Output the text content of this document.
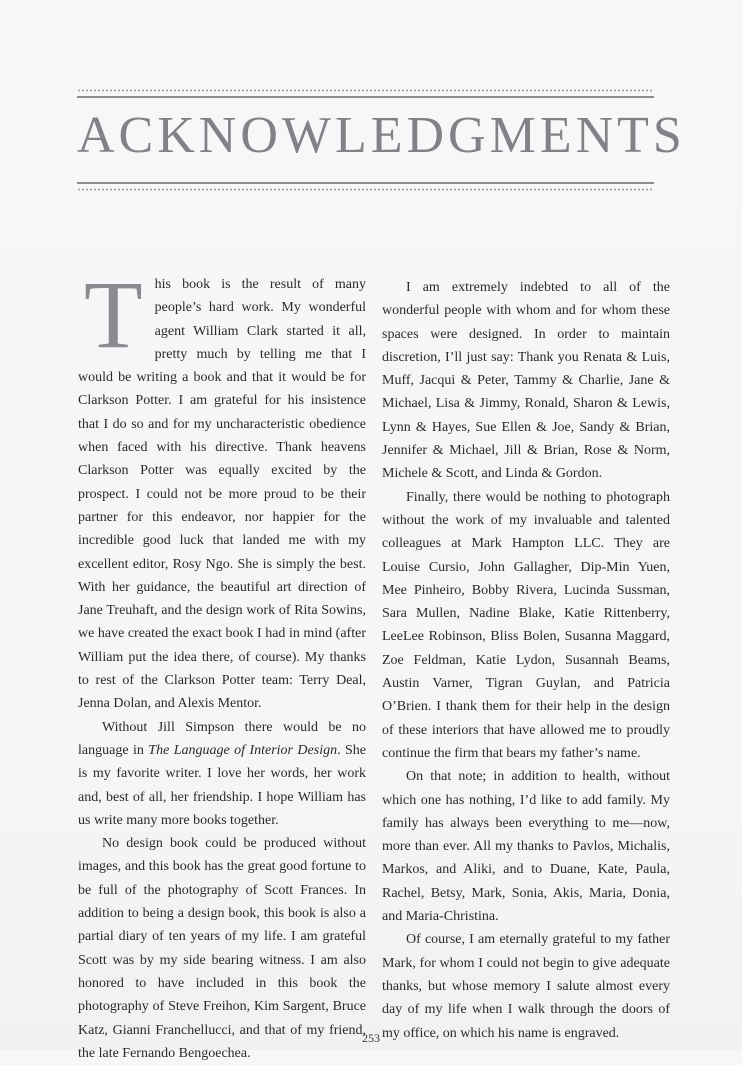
ACKNOWLEDGMENTS

This book is the result of many people’s hard work. My wonderful agent William Clark started it all, pretty much by telling me that I would be writing a book and that it would be for Clarkson Potter. I am grateful for his insistence that I do so and for my uncharacteristic obedience when faced with his directive. Thank heavens Clarkson Potter was equally excited by the prospect. I could not be more proud to be their partner for this endeavor, nor happier for the incredible good luck that landed me with my excellent editor, Rosy Ngo. She is simply the best. With her guidance, the beautiful art direction of Jane Treuhaft, and the design work of Rita Sowins, we have created the exact book I had in mind (after William put the idea there, of course). My thanks to rest of the Clarkson Potter team: Terry Deal, Jenna Dolan, and Alexis Mentor.

Without Jill Simpson there would be no language in The Language of Interior Design. She is my favorite writer. I love her words, her work and, best of all, her friendship. I hope William has us write many more books together.

No design book could be produced without images, and this book has the great good fortune to be full of the photography of Scott Frances. In addition to being a design book, this book is also a partial diary of ten years of my life. I am grateful Scott was by my side bearing witness. I am also honored to have included in this book the photography of Steve Freihon, Kim Sargent, Bruce Katz, Gianni Franchellucci, and that of my friend, the late Fernando Bengoechea.

I am extremely indebted to all of the wonderful people with whom and for whom these spaces were designed. In order to maintain discretion, I’ll just say: Thank you Renata & Luis, Muff, Jacqui & Peter, Tammy & Charlie, Jane & Michael, Lisa & Jimmy, Ronald, Sharon & Lewis, Lynn & Hayes, Sue Ellen & Joe, Sandy & Brian, Jennifer & Michael, Jill & Brian, Rose & Norm, Michele & Scott, and Linda & Gordon.

Finally, there would be nothing to photograph without the work of my invaluable and talented colleagues at Mark Hampton LLC. They are Louise Cursio, John Gallagher, Dip-Min Yuen, Mee Pinheiro, Bobby Rivera, Lucinda Sussman, Sara Mullen, Nadine Blake, Katie Rittenberry, LeeLee Robinson, Bliss Bolen, Susanna Maggard, Zoe Feldman, Katie Lydon, Susannah Beams, Austin Varner, Tigran Guylan, and Patricia O’Brien. I thank them for their help in the design of these interiors that have allowed me to proudly continue the firm that bears my father’s name.

On that note; in addition to health, without which one has nothing, I’d like to add family. My family has always been everything to me—now, more than ever. All my thanks to Pavlos, Michalis, Markos, and Aliki, and to Duane, Kate, Paula, Rachel, Betsy, Mark, Sonia, Akis, Maria, Donia, and Maria-Christina.

Of course, I am eternally grateful to my father Mark, for whom I could not begin to give adequate thanks, but whose memory I salute almost every day of my life when I walk through the doors of my office, on which his name is engraved.

253
